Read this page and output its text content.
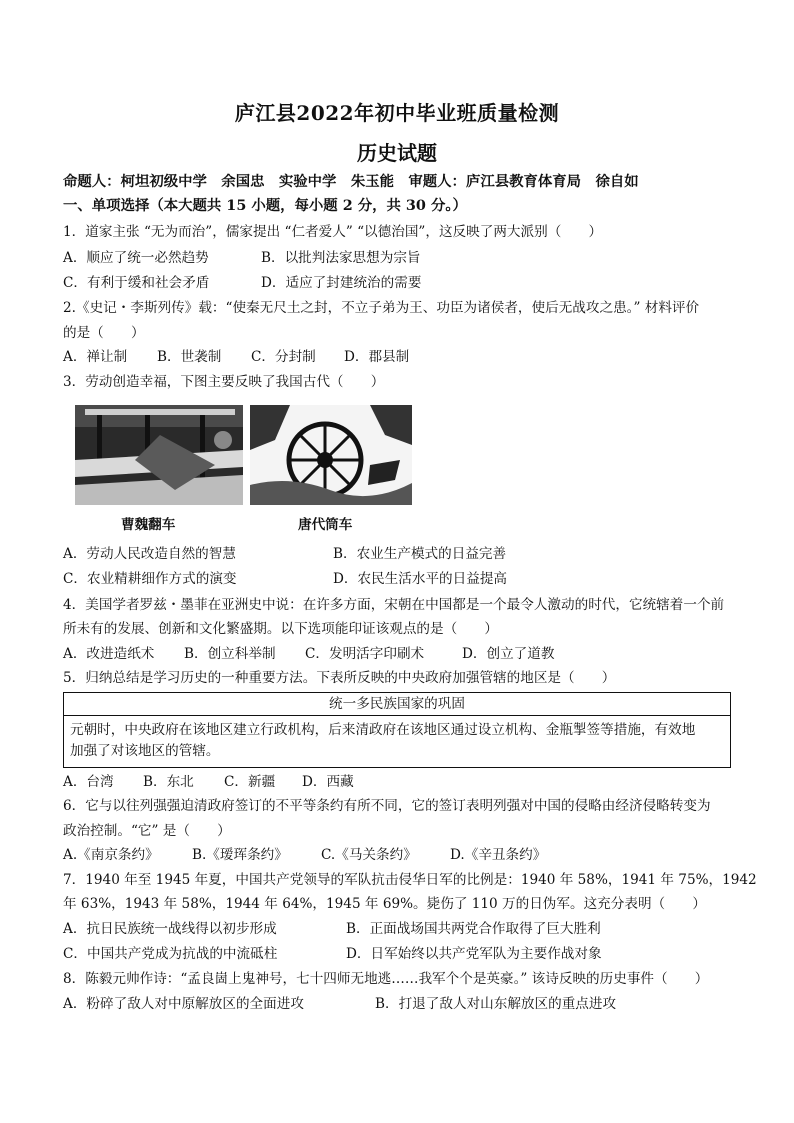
庐江县2022年初中毕业班质量检测
历史试题
命题人：柯坦初级中学　余国忠　实验中学　朱玉能　审题人：庐江县教育体育局　徐自如
一、单项选择（本大题共 15 小题，每小题 2 分，共 30 分。）
1．道家主张 “无为而治”，儒家提出 “仁者爱人” “以德治国”，这反映了两大派别（　　）
A．顺应了统一必然趋势	B．以批判法家思想为宗旨
C．有利于缓和社会矛盾	D．适应了封建统治的需要
2.《史记・李斯列传》载：“使秦无尺土之封，不立子弟为王、功臣为诸侯者，使后无战攻之患。” 材料评价
的是（　　）
A．禅让制 B．世袭制 C．分封制 D．郡县制
3．劳动创造幸福，下图主要反映了我国古代（　　）
曹魏翻车	唐代筒车
A．劳动人民改造自然的智慧	B．农业生产模式的日益完善
C．农业精耕细作方式的演变	D．农民生活水平的日益提高
4．美国学者罗兹・墨菲在亚洲史中说：在许多方面，宋朝在中国都是一个最令人激动的时代，它统辖着一个前
所未有的发展、创新和文化繁盛期。以下选项能印证该观点的是（　　）
A．改进造纸术 B．创立科举制 C．发明活字印刷术	D．创立了道教
5．归纳总结是学习历史的一种重要方法。下表所反映的中央政府加强管辖的地区是（　　）
统一多民族国家的巩固
元朝时，中央政府在该地区建立行政机构，后来清政府在该地区通过设立机构、金瓶掣签等措施，有效地
加强了对该地区的管辖。
A．台湾 B．东北 C．新疆 D．西藏
6．它与以往列强强迫清政府签订的不平等条约有所不同，它的签订表明列强对中国的侵略由经济侵略转变为
政治控制。“它” 是（　　）
A.《南京条约》 B.《瑷珲条约》 C.《马关条约》 D.《辛丑条约》
7．1940 年至 1945 年夏，中国共产党领导的军队抗击侵华日军的比例是：1940 年 58%，1941 年 75%，1942
年 63%，1943 年 58%，1944 年 64%，1945 年 69%。毙伤了 110 万的日伪军。这充分表明（　　）
A．抗日民族统一战线得以初步形成	B．正面战场国共两党合作取得了巨大胜利
C．中国共产党成为抗战的中流砥柱	D．日军始终以共产党军队为主要作战对象
8．陈毅元帅作诗：“孟良崮上鬼神号，七十四师无地逃……我军个个是英豪。” 该诗反映的历史事件（　　）
A．粉碎了敌人对中原解放区的全面进攻	B．打退了敌人对山东解放区的重点进攻
